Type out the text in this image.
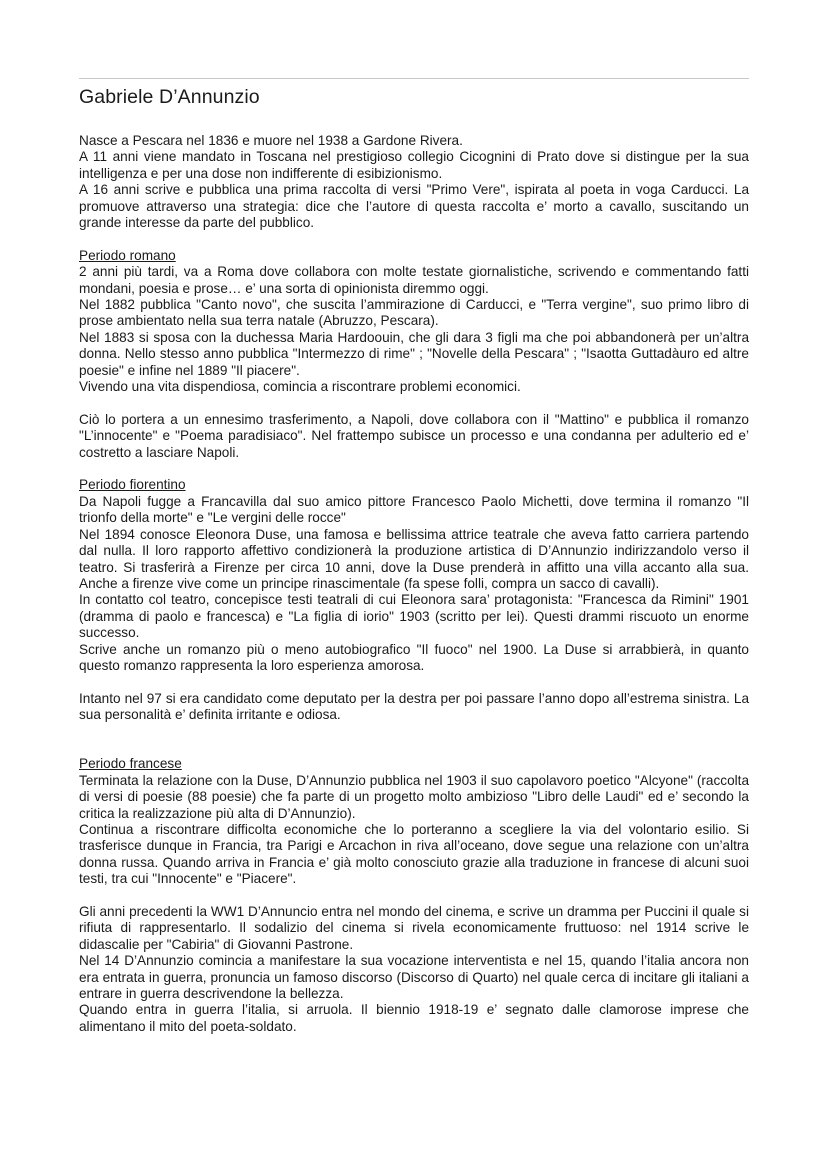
Gabriele D’Annunzio

Nasce a Pescara nel 1836 e muore nel 1938 a Gardone Rivera.

A 11 anni viene mandato in Toscana nel prestigioso collegio Cicognini di Prato dove si distingue per la sua intelligenza e per una dose non indifferente di esibizionismo.

A 16 anni scrive e pubblica una prima raccolta di versi "Primo Vere", ispirata al poeta in voga Carducci. La promuove attraverso una strategia: dice che l’autore di questa raccolta e’ morto a cavallo, suscitando un grande interesse da parte del pubblico.

Periodo romano

2 anni più tardi, va a Roma dove collabora con molte testate giornalistiche, scrivendo e commentando fatti mondani, poesia e prose… e’ una sorta di opinionista diremmo oggi.

Nel 1882 pubblica "Canto novo", che suscita l’ammirazione di Carducci, e "Terra vergine", suo primo libro di prose ambientato nella sua terra natale (Abruzzo, Pescara).

Nel 1883 si sposa con la duchessa Maria Hardoouin, che gli dara 3 figli ma che poi abbandonerà per un’altra donna. Nello stesso anno pubblica "Intermezzo di rime" ; "Novelle della Pescara" ; "Isaotta Guttadàuro ed altre poesie" e infine nel 1889 "Il piacere".

Vivendo una vita dispendiosa, comincia a riscontrare problemi economici.

Ciò lo portera a un ennesimo trasferimento, a Napoli, dove collabora con il "Mattino" e pubblica il romanzo "L’innocente" e "Poema paradisiaco". Nel frattempo subisce un processo e una condanna per adulterio ed e’ costretto a lasciare Napoli.

Periodo fiorentino

Da Napoli fugge a Francavilla dal suo amico pittore Francesco Paolo Michetti, dove termina il romanzo "Il trionfo della morte" e "Le vergini delle rocce"

Nel 1894 conosce Eleonora Duse, una famosa e bellissima attrice teatrale che aveva fatto carriera partendo dal nulla. Il loro rapporto affettivo condizionerà la produzione artistica di D’Annunzio indirizzandolo verso il teatro. Si trasferirà a Firenze per circa 10 anni, dove la Duse prenderà in affitto una villa accanto alla sua. Anche a firenze vive come un principe rinascimentale (fa spese folli, compra un sacco di cavalli).

In contatto col teatro, concepisce testi teatrali di cui Eleonora sara’ protagonista: "Francesca da Rimini" 1901 (dramma di paolo e francesca) e "La figlia di iorio" 1903 (scritto per lei). Questi drammi riscuoto un enorme successo.

Scrive anche un romanzo più o meno autobiografico "Il fuoco" nel 1900. La Duse si arrabbierà, in quanto questo romanzo rappresenta la loro esperienza amorosa.

Intanto nel 97 si era candidato come deputato per la destra per poi passare l’anno dopo all’estrema sinistra. La sua personalità e’ definita irritante e odiosa.

Periodo francese

Terminata la relazione con la Duse, D’Annunzio pubblica nel 1903 il suo capolavoro poetico "Alcyone" (raccolta di versi di poesie (88 poesie) che fa parte di un progetto molto ambizioso "Libro delle Laudi" ed e’ secondo la critica la realizzazione più alta di D’Annunzio).

Continua a riscontrare difficolta economiche che lo porteranno a scegliere la via del volontario esilio. Si trasferisce dunque in Francia, tra Parigi e Arcachon in riva all’oceano, dove segue una relazione con un’altra donna russa. Quando arriva in Francia e’ già molto conosciuto grazie alla traduzione in francese di alcuni suoi testi, tra cui "Innocente" e "Piacere".

Gli anni precedenti la WW1 D’Annuncio entra nel mondo del cinema, e scrive un dramma per Puccini il quale si rifiuta di rappresentarlo. Il sodalizio del cinema si rivela economicamente fruttuoso: nel 1914 scrive le didascalie per "Cabiria" di Giovanni Pastrone.

Nel 14 D’Annunzio comincia a manifestare la sua vocazione interventista e nel 15, quando l’italia ancora non era entrata in guerra, pronuncia un famoso discorso (Discorso di Quarto) nel quale cerca di incitare gli italiani a entrare in guerra descrivendone la bellezza.

Quando entra in guerra l’italia, si arruola. Il biennio 1918-19 e’ segnato dalle clamorose imprese che alimentano il mito del poeta-soldato.
